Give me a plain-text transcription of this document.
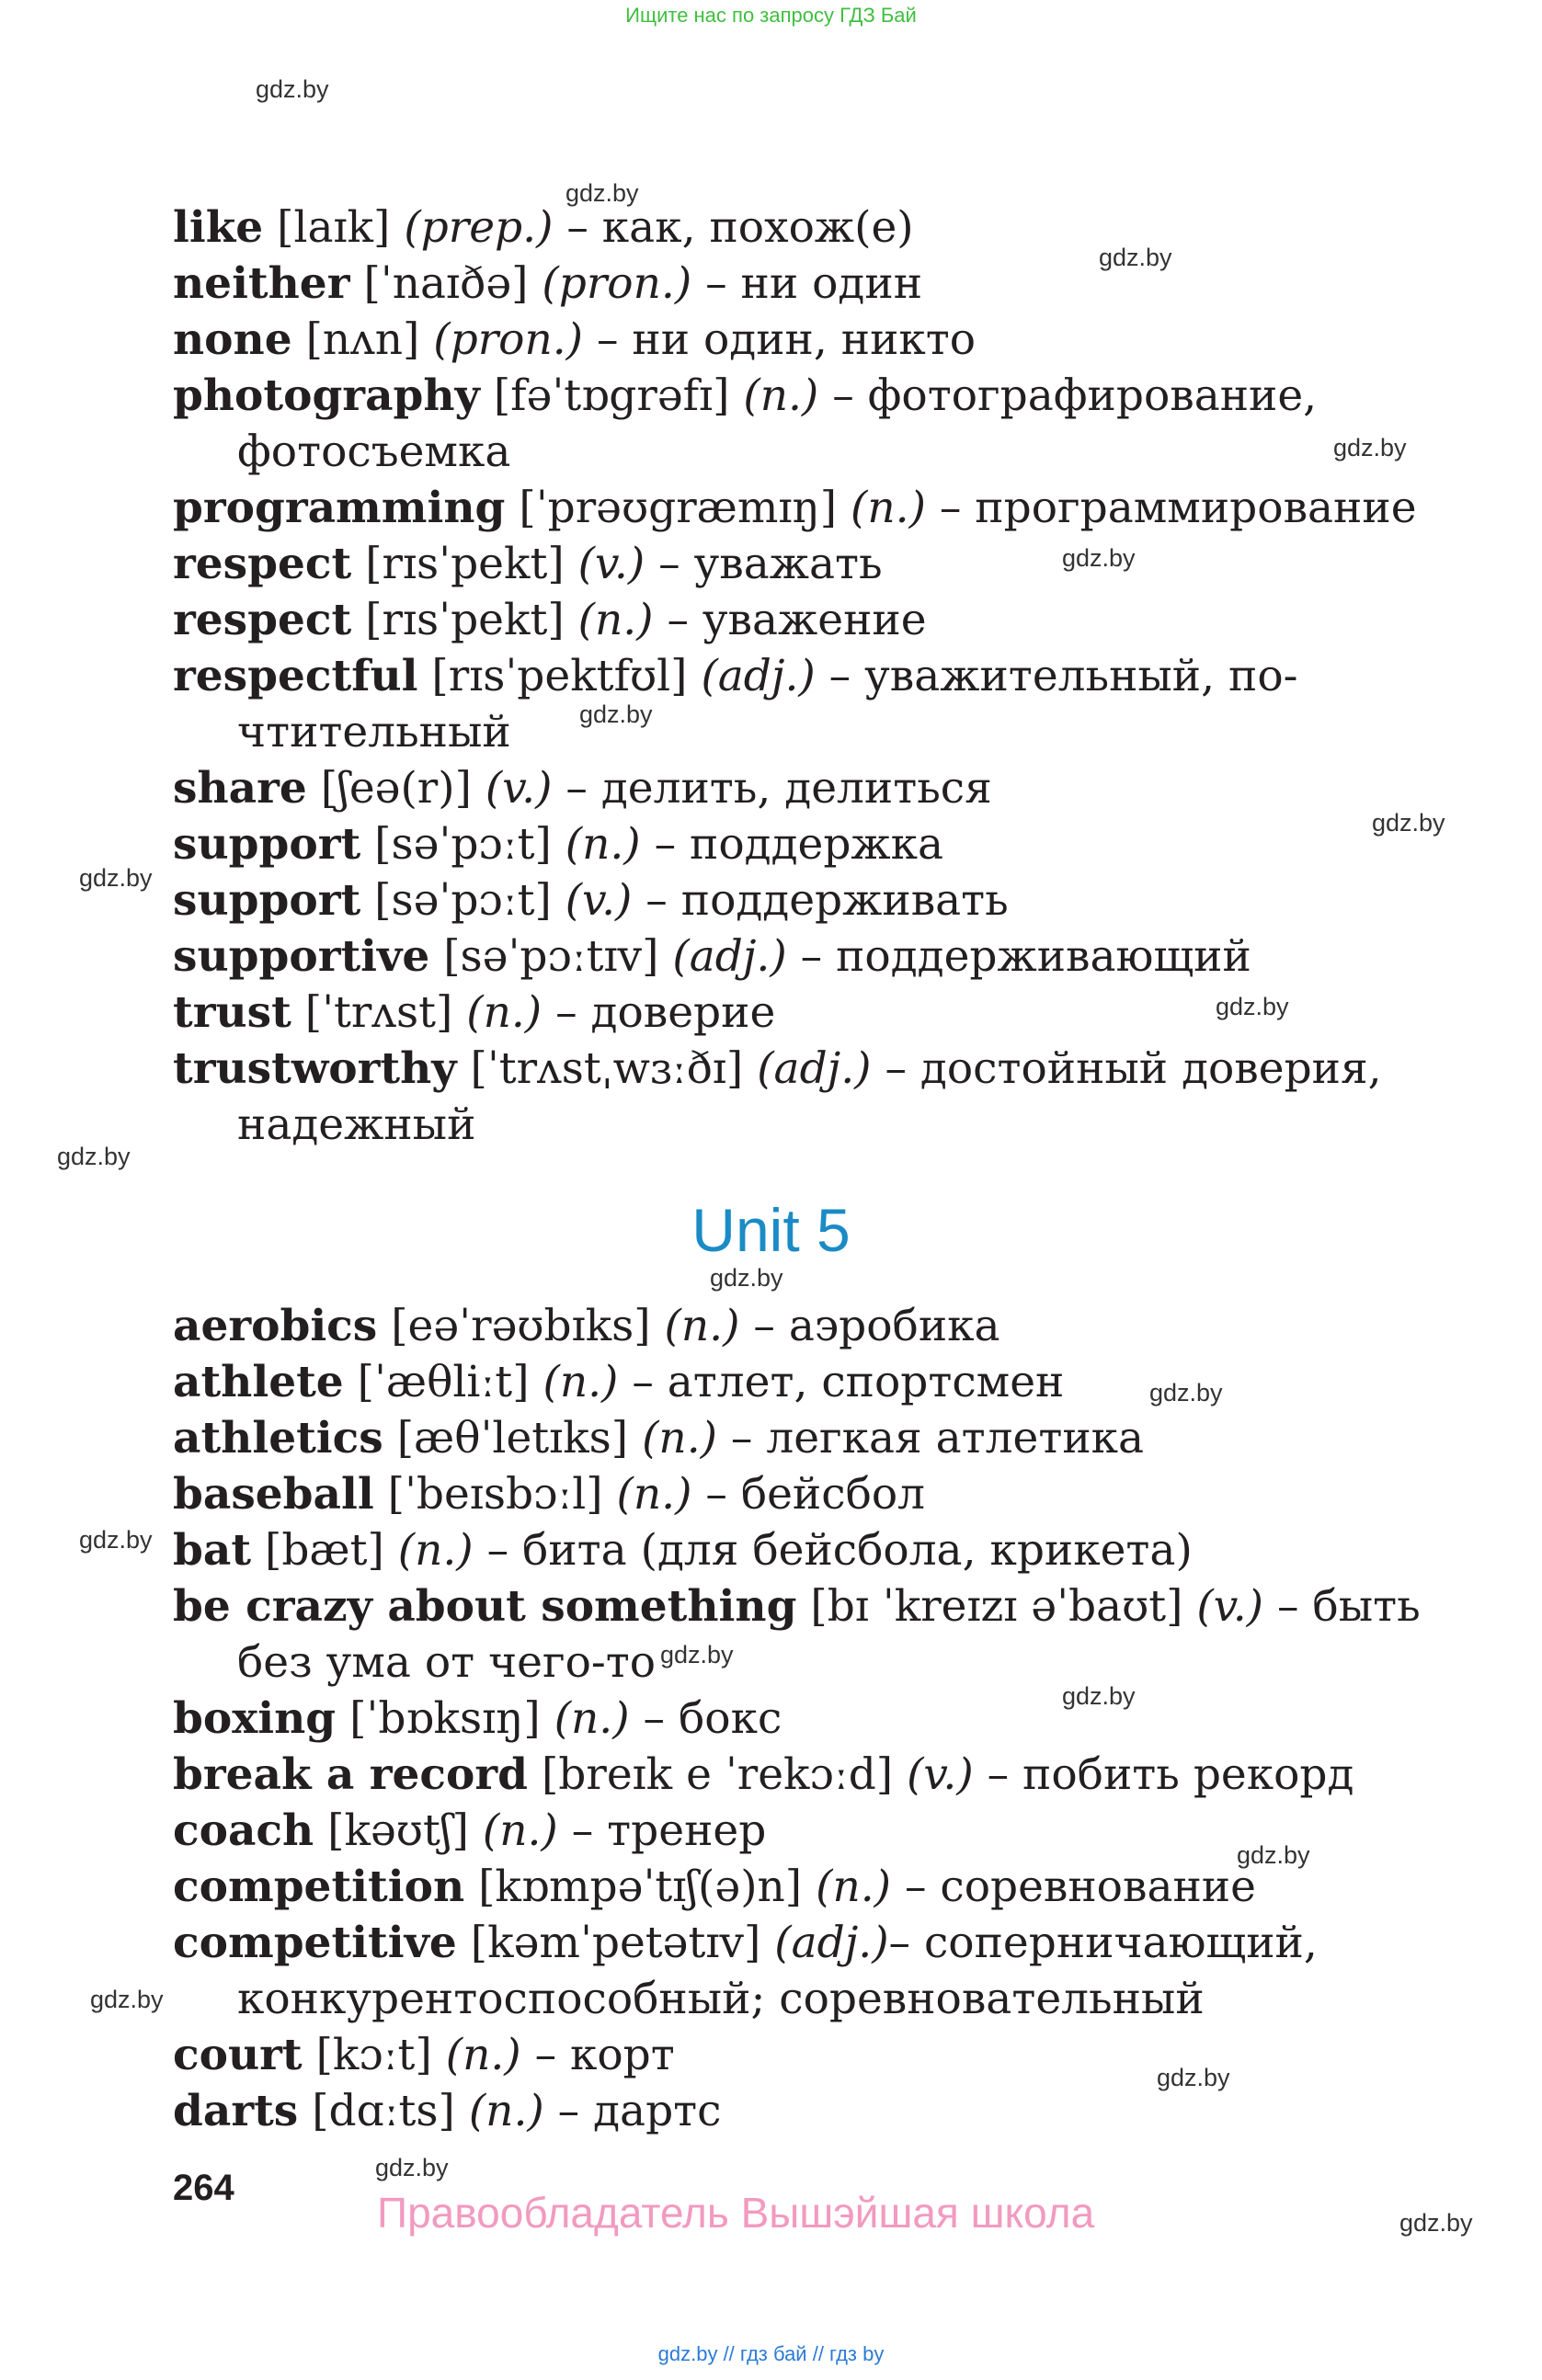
Ищите нас по запросу ГДЗ Бай
gdz.by
gdz.by
gdz.by
gdz.by
gdz.by
gdz.by
gdz.by
gdz.by
gdz.by
gdz.by
gdz.by
gdz.by
gdz.by
gdz.by
gdz.by
gdz.by
gdz.by
gdz.by
gdz.by
gdz.by
like [laɪk] (prep.) – как, похож(е)
neither [ˈnaɪðə] (pron.) – ни один
none [nʌn] (pron.) – ни один, никто
photography [fəˈtɒgrəfɪ] (n.) – фотографирование,
фотосъемка
programming [ˈprəʊgræmɪŋ] (n.) – программирование
respect [rɪsˈpekt] (v.) – уважать
respect [rɪsˈpekt] (n.) – уважение
respectful [rɪsˈpektfʊl] (adj.) – уважительный, по-
чтительный
share [ʃeə(r)] (v.) – делить, делиться
support [səˈpɔːt] (n.) – поддержка
support [səˈpɔːt] (v.) – поддерживать
supportive [səˈpɔːtɪv] (adj.) – поддерживающий
trust [ˈtrʌst] (n.) – доверие
trustworthy [ˈtrʌstˌwɜːðɪ] (adj.) – достойный доверия,
надежный
Unit 5
aerobics [eəˈrəʊbɪks] (n.) – аэробика
athlete [ˈæθliːt] (n.) – атлет, спортсмен
athletics [æθˈletɪks] (n.) – легкая атлетика
baseball [ˈbeɪsbɔːl] (n.) – бейсбол
bat [bæt] (n.) – бита (для бейсбола, крикета)
be crazy about something [bɪ ˈkreɪzɪ əˈbaʊt] (v.) – быть
без ума от чего-то
boxing [ˈbɒksɪŋ] (n.) – бокс
break a record [breɪk e ˈrekɔːd] (v.) – побить рекорд
coach [kəʊtʃ] (n.) – тренер
competition [kɒmpəˈtɪʃ(ə)n] (n.) – соревнование
competitive [kəmˈpetətɪv] (adj.)– соперничающий,
конкурентоспособный; соревновательный
court [kɔːt] (n.) – корт
darts [dɑːts] (n.) – дартс
264
Правообладатель Вышэйшая школа
gdz.by // гдз бай // гдз by
